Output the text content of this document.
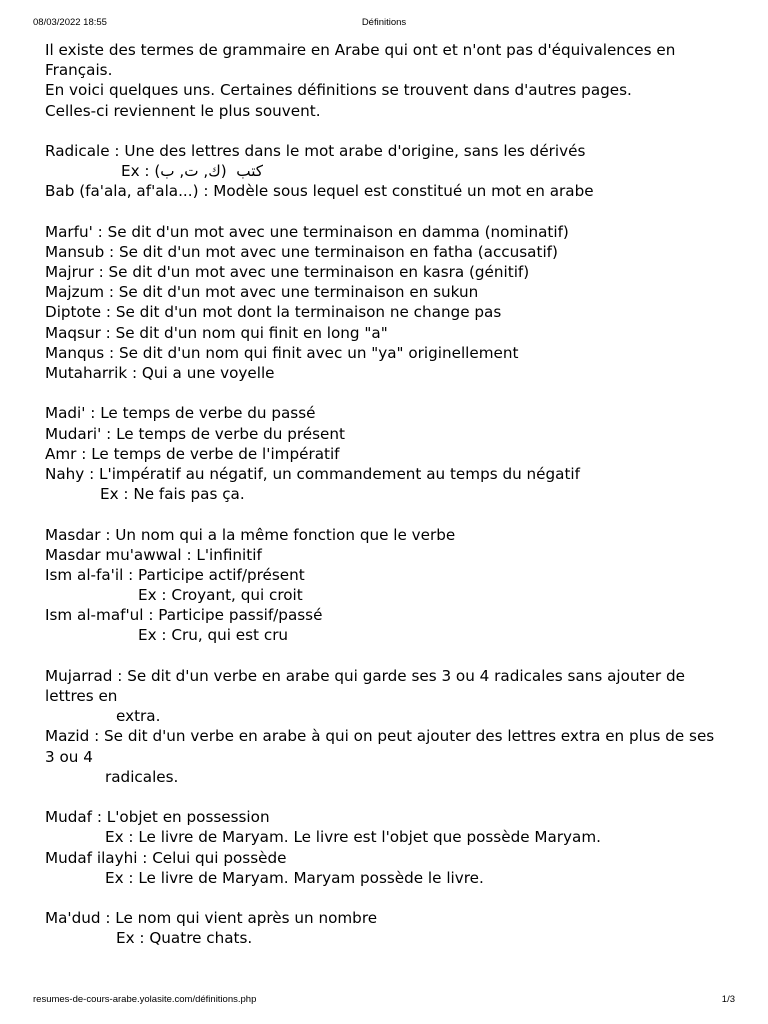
08/03/2022 18:55	Définitions
Il existe des termes de grammaire en Arabe qui ont et n'ont pas d'équivalences en
Français.
En voici quelques uns. Certaines définitions se trouvent dans d'autres pages.
Celles-ci reviennent le plus souvent.
Radicale : Une des lettres dans le mot arabe d'origine, sans les dérivés
Ex : كتب  (ك, ت, ب)
Bab (fa'ala, af'ala...) : Modèle sous lequel est constitué un mot en arabe
Marfu' : Se dit d'un mot avec une terminaison en damma (nominatif)
Mansub : Se dit d'un mot avec une terminaison en fatha (accusatif)
Majrur : Se dit d'un mot avec une terminaison en kasra (génitif)
Majzum : Se dit d'un mot avec une terminaison en sukun
Diptote : Se dit d'un mot dont la terminaison ne change pas
Maqsur : Se dit d'un nom qui finit en long "a"
Manqus : Se dit d'un nom qui finit avec un "ya" originellement
Mutaharrik : Qui a une voyelle
Madi' : Le temps de verbe du passé
Mudari' : Le temps de verbe du présent
Amr : Le temps de verbe de l'impératif
Nahy : L'impératif au négatif, un commandement au temps du négatif
Ex : Ne fais pas ça.
Masdar : Un nom qui a la même fonction que le verbe
Masdar mu'awwal : L'infinitif
Ism al-fa'il : Participe actif/présent
Ex : Croyant, qui croit
Ism al-maf'ul : Participe passif/passé
Ex : Cru, qui est cru
Mujarrad : Se dit d'un verbe en arabe qui garde ses 3 ou 4 radicales sans ajouter de
lettres en
extra.
Mazid : Se dit d'un verbe en arabe à qui on peut ajouter des lettres extra en plus de ses
3 ou 4
radicales.
Mudaf : L'objet en possession
Ex : Le livre de Maryam. Le livre est l'objet que possède Maryam.
Mudaf ilayhi : Celui qui possède
Ex : Le livre de Maryam. Maryam possède le livre.
Ma'dud : Le nom qui vient après un nombre
Ex : Quatre chats.
resumes-de-cours-arabe.yolasite.com/définitions.php	1/3
